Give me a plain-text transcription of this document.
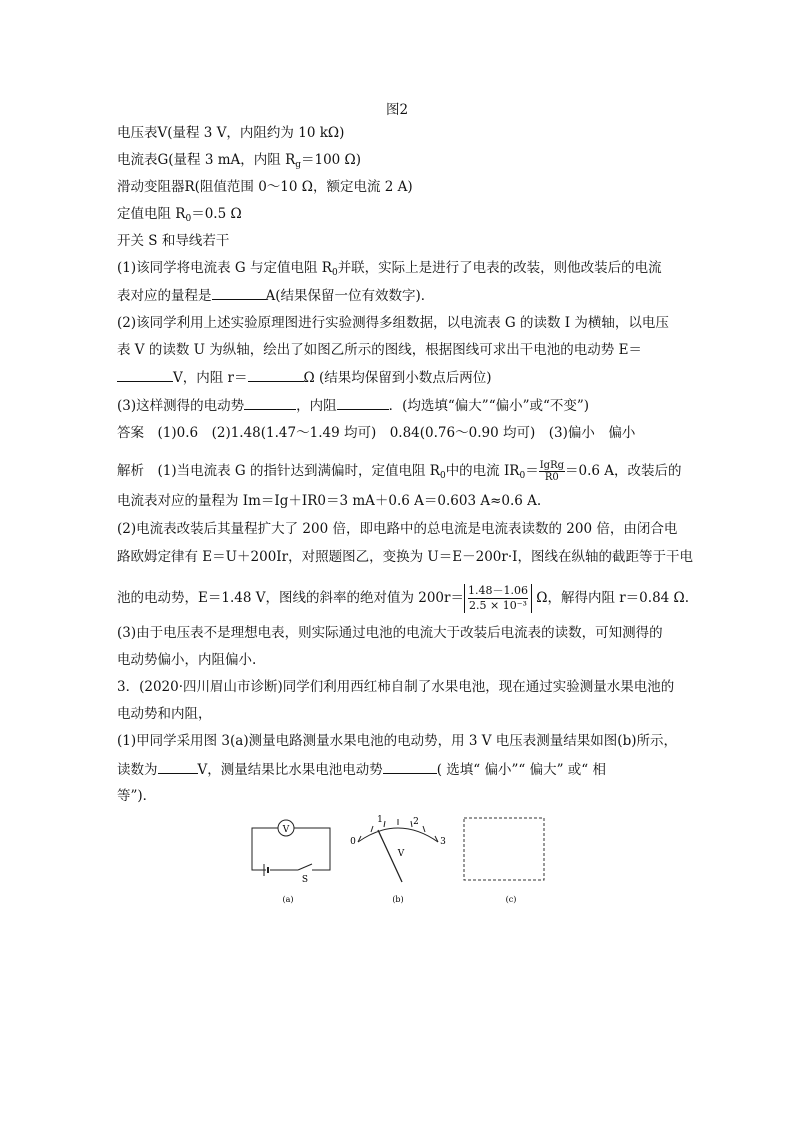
图2
电压表V(量程 3 V，内阻约为 10 kΩ)
电流表G(量程 3 mA，内阻 $R_g=100$ Ω)
滑动变阻器R(阻值范围 0～10 Ω，额定电流 2 A)
定值电阻 $R_0=0.5$ Ω
开关 S 和导线若干
(1)该同学将电流表 G 与定值电阻 $R_0$并联，实际上是进行了电表的改装，则他改装后的电流
表对应的量程是	A(结果保留一位有效数字)．
(2)该同学利用上述实验原理图进行实验测得多组数据，以电流表 G 的读数 I 为横轴，以电压
表 V 的读数 U 为纵轴，绘出了如图乙所示的图线，根据图线可求出干电池的电动势 E＝
V，内阻 r＝	Ω (结果均保留到小数点后两位)
(3)这样测得的电动势	，内阻	．(均选填“偏大”“偏小”或“不变”)
答案　(1)0.6　(2)1.48(1.47～1.49 均可)　0.84(0.76～0.90 均可)　(3)偏小　偏小
解析　(1)当电流表 G 的指针达到满偏时，定值电阻 $R_0$中的电流 $IR_0= \frac{\text{IgRg}}{R0} =0.6$ A，改装后的
电流表对应的量程为 Im＝Ig＋IR0＝3 mA＋0.6 A＝0.603 A≈0.6 A.
(2)电流表改装后其量程扩大了 200 倍，即电路中的总电流是电流表读数的 200 倍，由闭合电
路欧姆定律有 E＝U＋200Ir，对照题图乙，变换为 U＝E－200r·I，图线在纵轴的截距等于干电
池的电动势，E＝1.48 V，图线的斜率的绝对值为 $200r= \frac{1.48-1.06}{\text{2.5 × 10⁻³}}$ Ω，解得内阻 r＝0.84 Ω.
(3)由于电压表不是理想电表，则实际通过电池的电流大于改装后电流表的读数，可知测得的
电动势偏小，内阻偏小.
3．(2020·四川眉山市诊断)同学们利用西红柿自制了水果电池，现在通过实验测量水果电池的
电动势和内阻，
(1)甲同学采用图 3(a)测量电路测量水果电池的电动势，用 3 V 电压表测量结果如图(b)所示，
读数为	V，测量结果比水果电池电动势	( 选填“ 偏小”“ 偏大” 或“ 相
等”)．
V
S
0
1	2
3
V
(a)	(b)	(c)
